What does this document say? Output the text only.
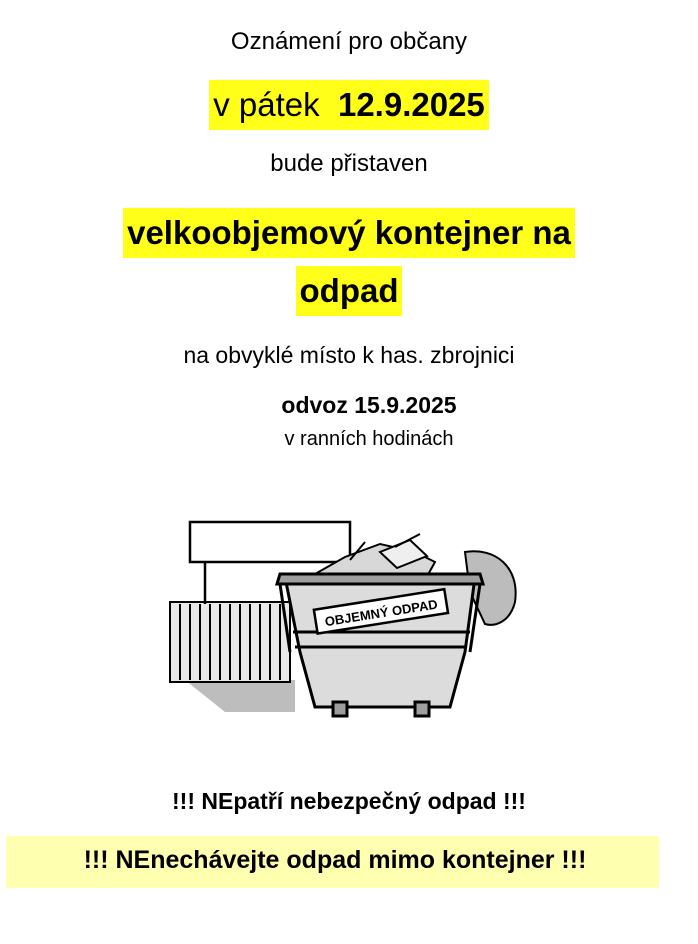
Oznámení pro občany
v pátek 12.9.2025
bude přistaven
velkoobjemový kontejner na
odpad
na obvyklé místo k has. zbrojnici
odvoz 15.9.2025
v ranních hodinách
OBJEMNÝ ODPAD
!!! NEpatří nebezpečný odpad !!!
!!! NEnechávejte odpad mimo kontejner !!!
